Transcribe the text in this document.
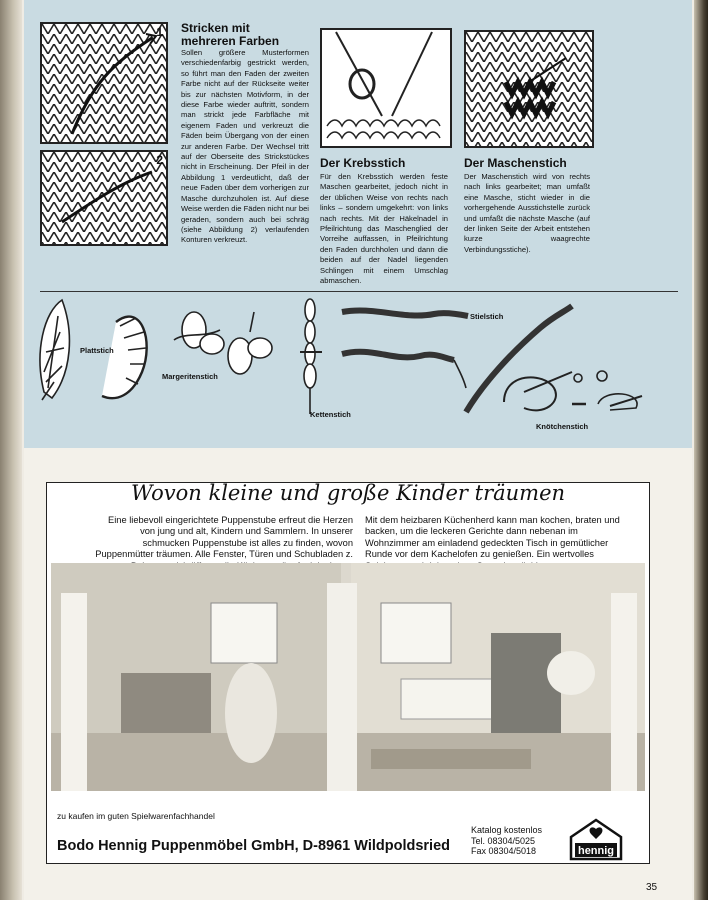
1
2
Stricken mit
mehreren Farben
Sollen größere Musterformen verschiedenfarbig gestrickt werden, so führt man den Faden der zweiten Farbe nicht auf der Rückseite weiter bis zur nächsten Motivform, in der diese Farbe wieder auftritt, sondern man strickt jede Farbfläche mit eigenem Faden und verkreuzt die Fäden beim Übergang von der einen zur anderen Farbe. Der Wechsel tritt auf der Oberseite des Strickstückes nicht in Erscheinung. Der Pfeil in der Abbildung 1 verdeutlicht, daß der neue Faden über dem vorherigen zur Masche durchzuholen ist. Auf diese Weise werden die Fäden nicht nur bei geraden, sondern auch bei schräg (siehe Abbildung 2) verlaufenden Konturen verkreuzt.
Der Krebsstich
Für den Krebsstich werden feste Maschen gearbeitet, jedoch nicht in der üblichen Weise von rechts nach links – sondern umgekehrt: von links nach rechts. Mit der Häkelnadel in Pfeilrichtung das Maschenglied der Vorreihe auffassen, in Pfeilrichtung den Faden durchholen und dann die beiden auf der Nadel liegenden Schlingen mit einem Umschlag abmaschen.
Der Maschenstich
Der Maschenstich wird von rechts nach links gearbeitet; man umfaßt eine Masche, sticht wieder in die vorhergehende Ausstichstelle zurück und umfaßt die nächste Masche (auf der linken Seite der Arbeit entstehen kurze waagrechte Verbindungsstiche).
Plattstich
Margeritenstich
Kettenstich
Stielstich
Knötchenstich
Wovon kleine und große Kinder träumen
Eine liebevoll eingerichtete Puppenstube erfreut die Herzen von jung und alt, Kindern und Sammlern. In unserer schmucken Puppenstube ist alles zu finden, wovon Puppenmütter träumen. Alle Fenster, Türen und Schubladen z.
Mit dem heizbaren Küchenherd kann man kochen, braten und backen, um die leckeren Gerichte dann nebenan im Wohnzimmer am einladend gedeckten Tisch in gemütlicher Runde vor dem Kachelofen zu genießen. Ein wertvolles
zu kaufen im guten Spielwarenfachhandel
Bodo Hennig Puppenmöbel GmbH, D-8961 Wildpoldsried
Katalog kostenlos
Tel. 08304/5025
Fax 08304/5018	hennig
35
